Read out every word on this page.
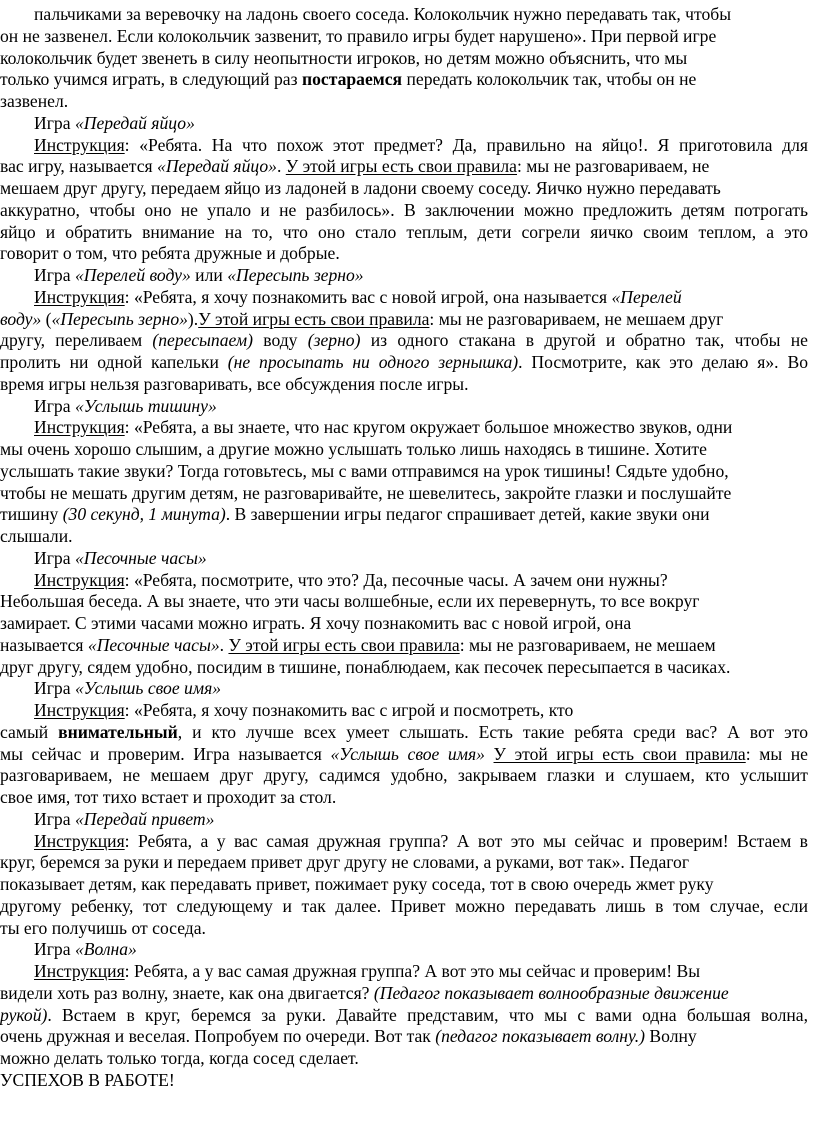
пальчиками за веревочку на ладонь своего соседа. Колокольчик нужно передавать так, чтобы
он не зазвенел. Если колокольчик зазвенит, то правило игры будет нарушено». При первой игре
колокольчик будет звенеть в силу неопытности игроков, но детям можно объяснить, что мы
только учимся играть, в следующий раз постараемся передать колокольчик так, чтобы он не
зазвенел.
Игра «Передай яйцо»
Инструкция: «Ребята. На что похож этот предмет? Да, правильно на яйцо!. Я приготовила для
вас игру, называется «Передай яйцо». У этой игры есть свои правила: мы не разговариваем, не
мешаем друг другу, передаем яйцо из ладоней в ладони своему соседу. Яичко нужно передавать
аккуратно, чтобы оно не упало и не разбилось». В заключении можно предложить детям потрогать
яйцо и обратить внимание на то, что оно стало теплым, дети согрели яичко своим теплом, а это
говорит о том, что ребята дружные и добрые.
Игра «Перелей воду» или «Пересыпь зерно»
Инструкция: «Ребята, я хочу познакомить вас с новой игрой, она называется «Перелей
воду» («Пересыпь зерно»).У этой игры есть свои правила: мы не разговариваем, не мешаем друг
другу, переливаем (пересыпаем) воду (зерно) из одного стакана в другой и обратно так, чтобы не
пролить ни одной капельки (не просыпать ни одного зернышка). Посмотрите, как это делаю я». Во
время игры нельзя разговаривать, все обсуждения после игры.
Игра «Услышь тишину»
Инструкция: «Ребята, а вы знаете, что нас кругом окружает большое множество звуков, одни
мы очень хорошо слышим, а другие можно услышать только лишь находясь в тишине. Хотите
услышать такие звуки? Тогда готовьтесь, мы с вами отправимся на урок тишины! Сядьте удобно,
чтобы не мешать другим детям, не разговаривайте, не шевелитесь, закройте глазки и послушайте
тишину (30 секунд, 1 минута). В завершении игры педагог спрашивает детей, какие звуки они
слышали.
Игра «Песочные часы»
Инструкция: «Ребята, посмотрите, что это? Да, песочные часы. А зачем они нужны?
Небольшая беседа. А вы знаете, что эти часы волшебные, если их перевернуть, то все вокруг
замирает. С этими часами можно играть. Я хочу познакомить вас с новой игрой, она
называется «Песочные часы». У этой игры есть свои правила: мы не разговариваем, не мешаем
друг другу, сядем удобно, посидим в тишине, понаблюдаем, как песочек пересыпается в часиках.
Игра «Услышь свое имя»
Инструкция: «Ребята, я хочу познакомить вас с игрой и посмотреть, кто
самый внимательный, и кто лучше всех умеет слышать. Есть такие ребята среди вас? А вот это
мы сейчас и проверим. Игра называется «Услышь свое имя» У этой игры есть свои правила: мы не
разговариваем, не мешаем друг другу, садимся удобно, закрываем глазки и слушаем, кто услышит
свое имя, тот тихо встает и проходит за стол.
Игра «Передай привет»
Инструкция: Ребята, а у вас самая дружная группа? А вот это мы сейчас и проверим! Встаем в
круг, беремся за руки и передаем привет друг другу не словами, а руками, вот так». Педагог
показывает детям, как передавать привет, пожимает руку соседа, тот в свою очередь жмет руку
другому ребенку, тот следующему и так далее. Привет можно передавать лишь в том случае, если
ты его получишь от соседа.
Игра «Волна»
Инструкция: Ребята, а у вас самая дружная группа? А вот это мы сейчас и проверим! Вы
видели хоть раз волну, знаете, как она двигается? (Педагог показывает волнообразные движение
рукой). Встаем в круг, беремся за руки. Давайте представим, что мы с вами одна большая волна,
очень дружная и веселая. Попробуем по очереди. Вот так (педагог показывает волну.) Волну
можно делать только тогда, когда сосед сделает.
УСПЕХОВ В РАБОТЕ!
